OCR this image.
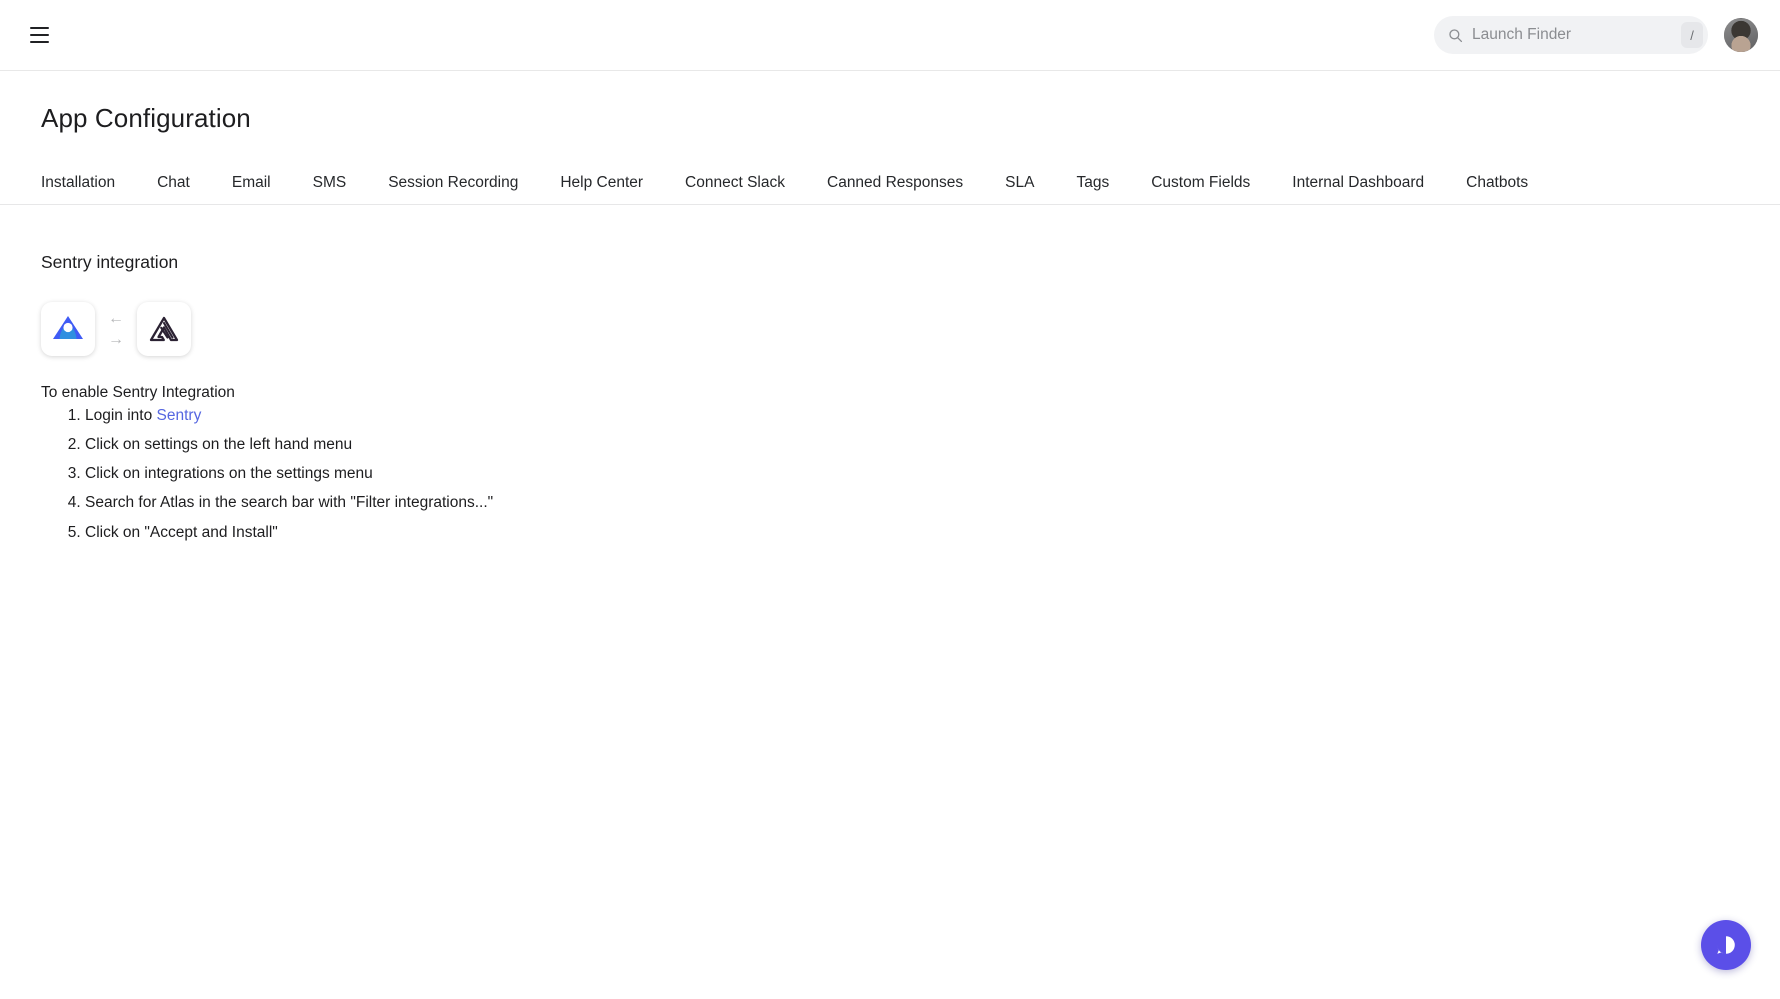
Launch Finder
/
App Configuration
Installation	Chat	Email	SMS	Session Recording	Help Center	Connect Slack	Canned Responses	SLA	Tags	Custom Fields	Internal Dashboard	Chatbots
Sentry integration
←
→

To enable Sentry Integration

1. Login into Sentry
2. Click on settings on the left hand menu
3. Click on integrations on the settings menu
4. Search for Atlas in the search bar with "Filter integrations..."
5. Click on "Accept and Install"
